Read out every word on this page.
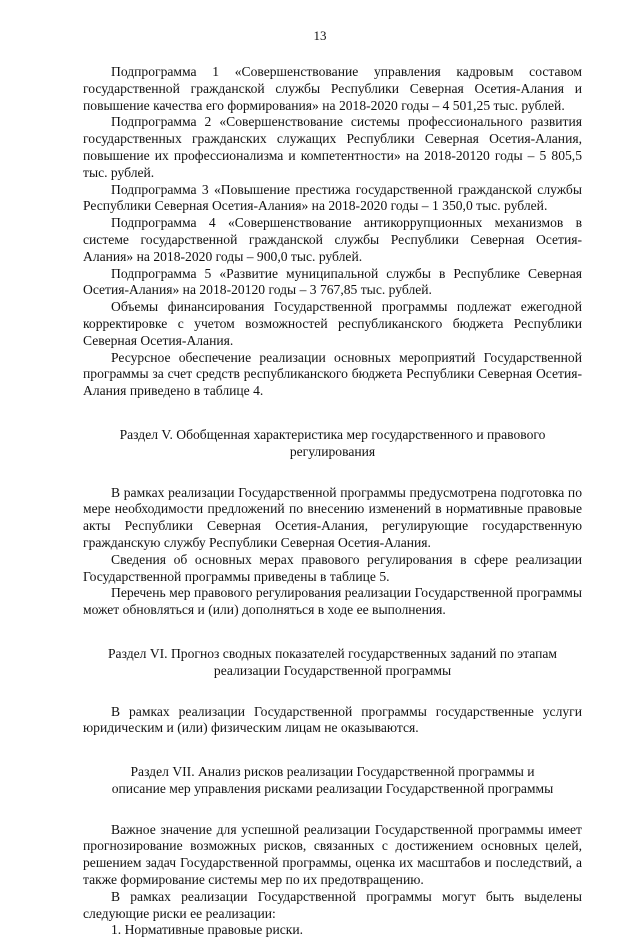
13

Подпрограмма 1 «Совершенствование управления кадровым составом государственной гражданской службы Республики Северная Осетия-Алания и повышение качества его формирования» на 2018-2020 годы – 4 501,25 тыс. рублей.

Подпрограмма 2 «Совершенствование системы профессионального развития государственных гражданских служащих Республики Северная Осетия-Алания, повышение их профессионализма и компетентности» на 2018-20120 годы – 5 805,5 тыс. рублей.

Подпрограмма 3 «Повышение престижа государственной гражданской службы Республики Северная Осетия-Алания» на 2018-2020 годы – 1 350,0 тыс. рублей.

Подпрограмма 4 «Совершенствование антикоррупционных механизмов в системе государственной гражданской службы Республики Северная Осетия-Алания» на 2018-2020 годы – 900,0 тыс. рублей.

Подпрограмма 5 «Развитие муниципальной службы в Республике Северная Осетия-Алания» на 2018-20120 годы – 3 767,85 тыс. рублей.

Объемы финансирования Государственной программы подлежат ежегодной корректировке с учетом возможностей республиканского бюджета Республики Северная Осетия-Алания.

Ресурсное обеспечение реализации основных мероприятий Государственной программы за счет средств республиканского бюджета Республики Северная Осетия-Алания приведено в таблице 4.

Раздел V. Обобщенная характеристика мер государственного и правового
регулирования

В рамках реализации Государственной программы предусмотрена подготовка по мере необходимости предложений по внесению изменений в нормативные правовые акты Республики Северная Осетия-Алания, регулирующие государственную гражданскую службу Республики Северная Осетия-Алания.

Сведения об основных мерах правового регулирования в сфере реализации Государственной программы приведены в таблице 5.

Перечень мер правового регулирования реализации Государственной программы может обновляться и (или) дополняться в ходе ее выполнения.

Раздел VI. Прогноз сводных показателей государственных заданий по этапам
реализации Государственной программы

В рамках реализации Государственной программы государственные услуги юридическим и (или) физическим лицам не оказываются.

Раздел VII. Анализ рисков реализации Государственной программы и
описание мер управления рисками реализации Государственной программы

Важное значение для успешной реализации Государственной программы имеет прогнозирование возможных рисков, связанных с достижением основных целей, решением задач Государственной программы, оценка их масштабов и последствий, а также формирование системы мер по их предотвращению.

В рамках реализации Государственной программы могут быть выделены следующие риски ее реализации:

1. Нормативные правовые риски.
